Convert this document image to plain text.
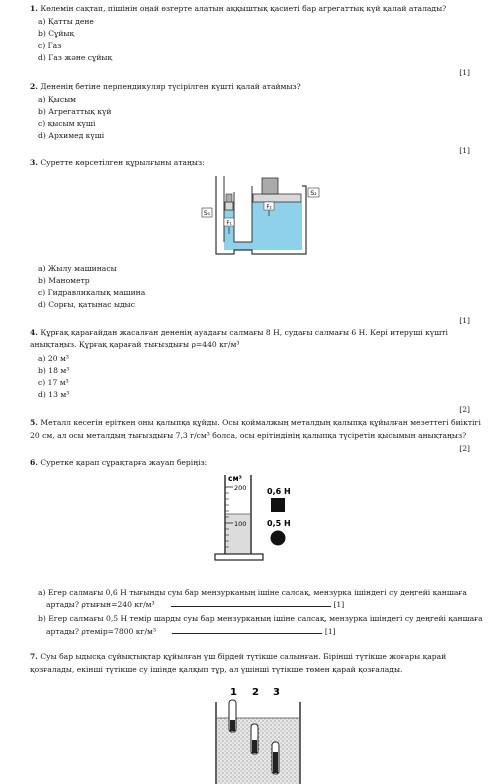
1. Көлемін сақтап, пішінін оңай өзгерте алатын аққыштық қасиеті бар агрегаттық күй қалай аталады?
а) Қатты дене
b) Сұйық
c) Газ
d) Газ және сұйық
[1]
2. Дененің бетіне перпендикуляр түсірілген күшті қалай атаймыз?
а) Қысым
b) Агрегаттық күй
c) қысым күші
d) Архимед күші
[1]
3. Суретте көрсетілген құрылғыны атаңыз:
S₁
S₂
F₂
F₁
а) Жылу машинасы
b) Манометр
c) Гидравликалық машина
d) Сорғы, қатынас ыдыс
[1]
4. Құрғақ қарағайдан жасалған дененің ауадағы салмағы 8 Н, судағы салмағы 6 Н. Кері итеруші күшті
анықтаңыз. Құрғақ қарағай тығыздығы ρ=440 кг/м³
а) 20 м³
b) 18 м³
c) 17 м³
d) 13 м³
[2]
5. Металл кесегін еріткен оны қалыпқа құйды. Осы қоймалжың металдың қалыпқа құйылған мезеттегі биіктігі
20 см, ал осы металдың тығыздығы 7,3 г/см³ болса, осы ерітіндінің қалыпқа түсіретін қысымын анықтаңыз?
[2]
6. Суретке қарап сұрақтарға жауап беріңіз:
см³
200
100
0,6 Н
0,5 Н
a) Егер салмағы 0,6 Н тығынды суы бар мензурканың ішіне салсақ, мензурка ішіндегі су деңгейі қаншаға
артады? ρтығын=240 кг/м³	[1]
b) Егер салмағы 0,5 Н темір шарды суы бар мензурканың ішіне салсақ, мензурка ішіндегі су деңгейі қаншаға
артады? ρтемір=7800 кг/м³	[1]
7. Суы бар ыдысқа сұйықтықтар құйылған үш бірдей түтікше салынған. Бірінші түтікше жоғары қарай
қозғалады, екінші түтікше су ішінде қалқып тұр, ал үшінші түтікше төмен қарай қозғалады.
1 2 3
